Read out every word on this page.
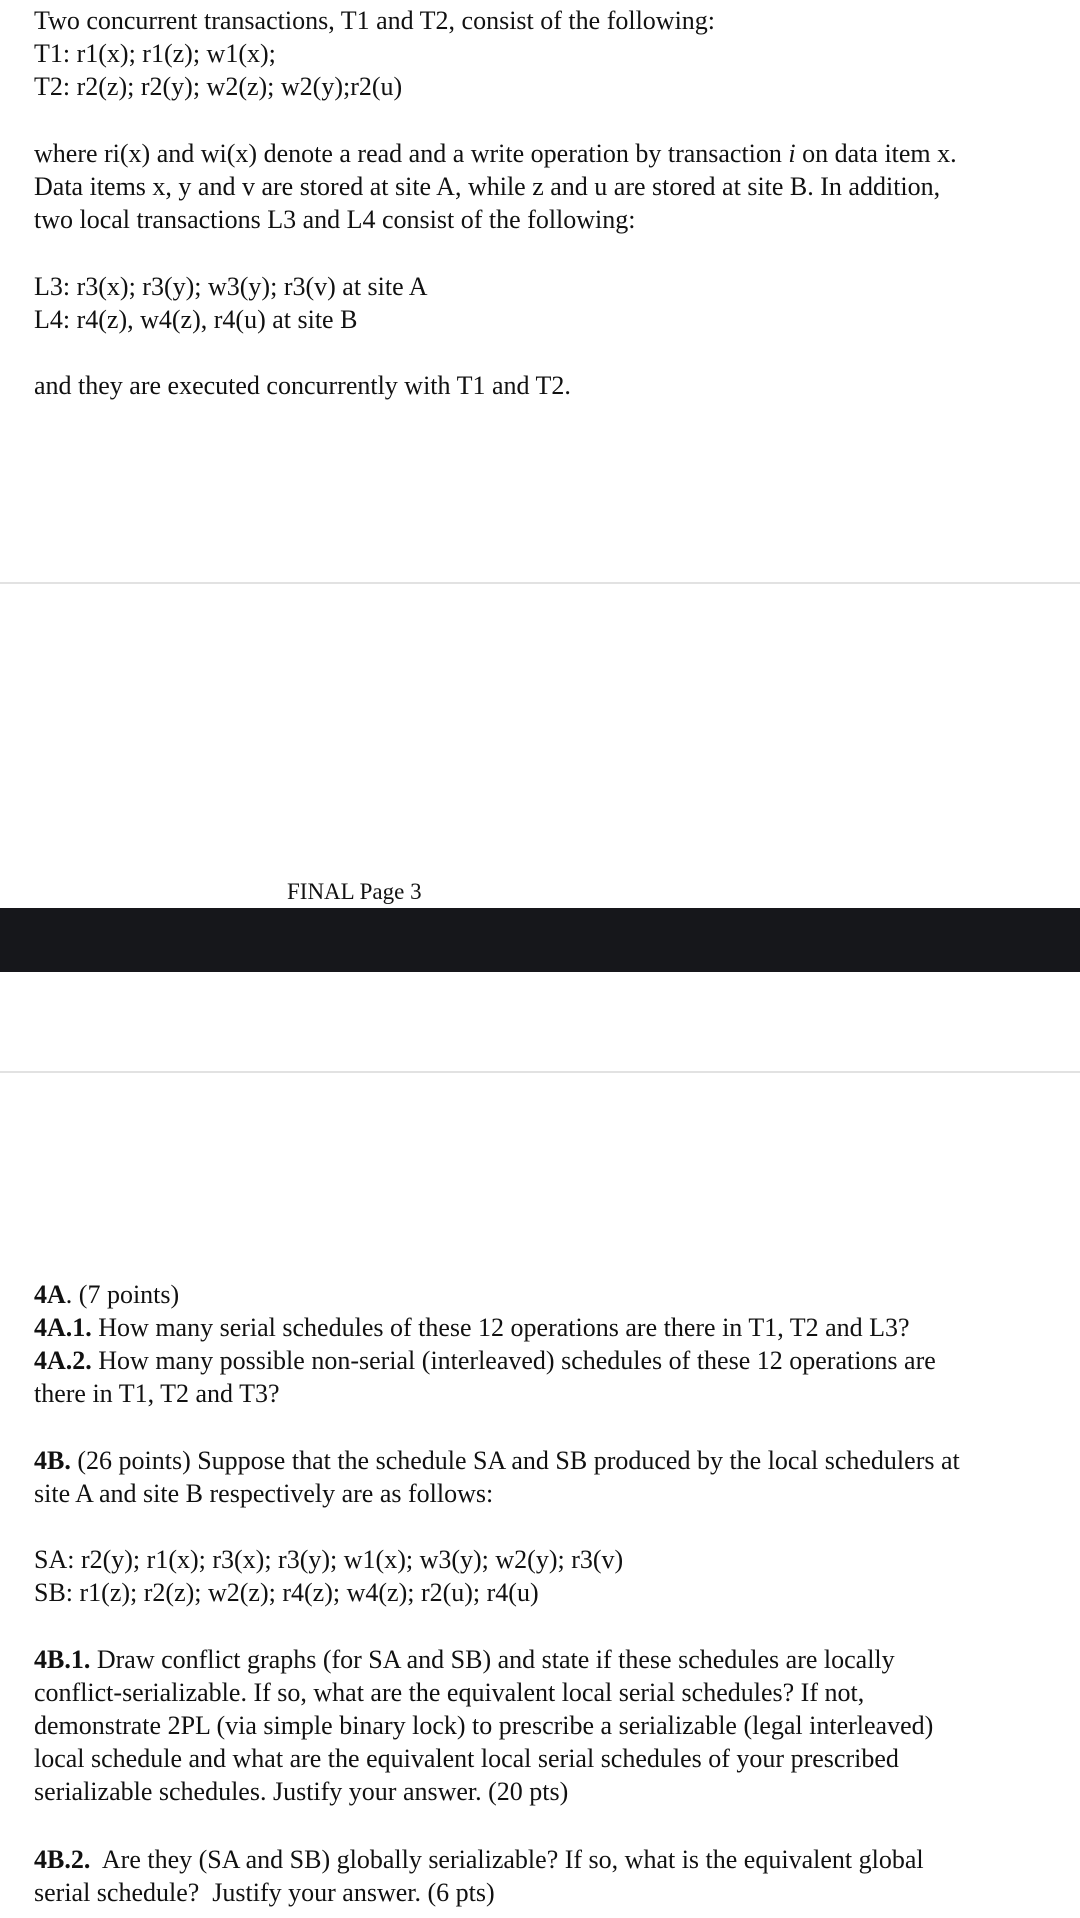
Two concurrent transactions, T1 and T2, consist of the following:
T1: r1(x); r1(z); w1(x);
T2: r2(z); r2(y); w2(z); w2(y);r2(u)
where ri(x) and wi(x) denote a read and a write operation by transaction i on data item x.
Data items x, y and v are stored at site A, while z and u are stored at site B. In addition,
two local transactions L3 and L4 consist of the following:
L3: r3(x); r3(y); w3(y); r3(v) at site A
L4: r4(z), w4(z), r4(u) at site B
and they are executed concurrently with T1 and T2.
FINAL Page 3
4A. (7 points)
4A.1. How many serial schedules of these 12 operations are there in T1, T2 and L3?
4A.2. How many possible non-serial (interleaved) schedules of these 12 operations are
there in T1, T2 and T3?
4B. (26 points) Suppose that the schedule SA and SB produced by the local schedulers at
site A and site B respectively are as follows:
SA: r2(y); r1(x); r3(x); r3(y); w1(x); w3(y); w2(y); r3(v)
SB: r1(z); r2(z); w2(z); r4(z); w4(z); r2(u); r4(u)
4B.1. Draw conflict graphs (for SA and SB) and state if these schedules are locally
conflict-serializable. If so, what are the equivalent local serial schedules? If not,
demonstrate 2PL (via simple binary lock) to prescribe a serializable (legal interleaved)
local schedule and what are the equivalent local serial schedules of your prescribed
serializable schedules. Justify your answer. (20 pts)
4B.2.  Are they (SA and SB) globally serializable? If so, what is the equivalent global
serial schedule?  Justify your answer. (6 pts)
